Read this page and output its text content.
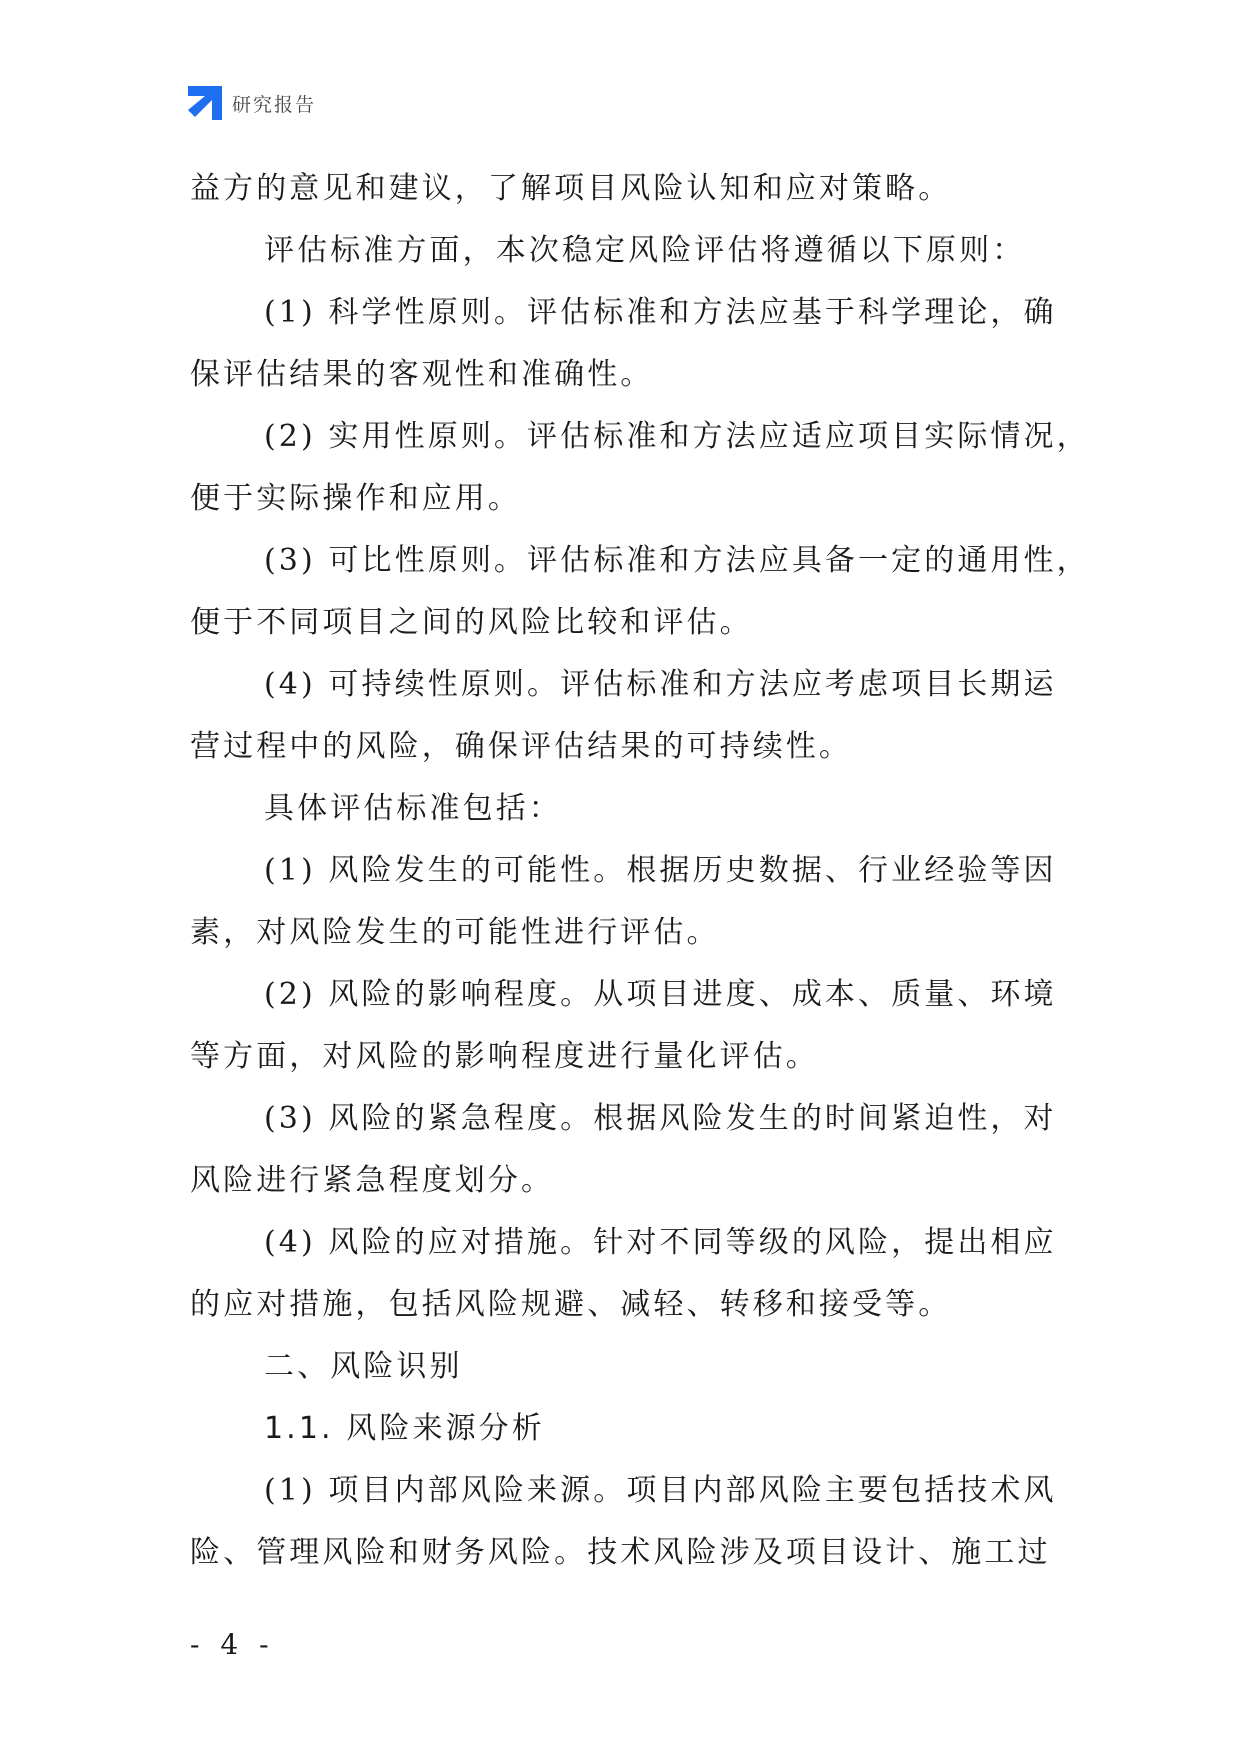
研究报告

益方的意见和建议，了解项目风险认知和应对策略。

评估标准方面，本次稳定风险评估将遵循以下原则：

(1) 科学性原则。评估标准和方法应基于科学理论，确

保评估结果的客观性和准确性。

(2) 实用性原则。评估标准和方法应适应项目实际情况，

便于实际操作和应用。

(3) 可比性原则。评估标准和方法应具备一定的通用性，

便于不同项目之间的风险比较和评估。

(4) 可持续性原则。评估标准和方法应考虑项目长期运

营过程中的风险，确保评估结果的可持续性。

具体评估标准包括：

(1) 风险发生的可能性。根据历史数据、行业经验等因

素，对风险发生的可能性进行评估。

(2) 风险的影响程度。从项目进度、成本、质量、环境

等方面，对风险的影响程度进行量化评估。

(3) 风险的紧急程度。根据风险发生的时间紧迫性，对

风险进行紧急程度划分。

(4) 风险的应对措施。针对不同等级的风险，提出相应

的应对措施，包括风险规避、减轻、转移和接受等。

二、风险识别

1.1. 风险来源分析

(1) 项目内部风险来源。项目内部风险主要包括技术风

险、管理风险和财务风险。技术风险涉及项目设计、施工过

- 4 -
